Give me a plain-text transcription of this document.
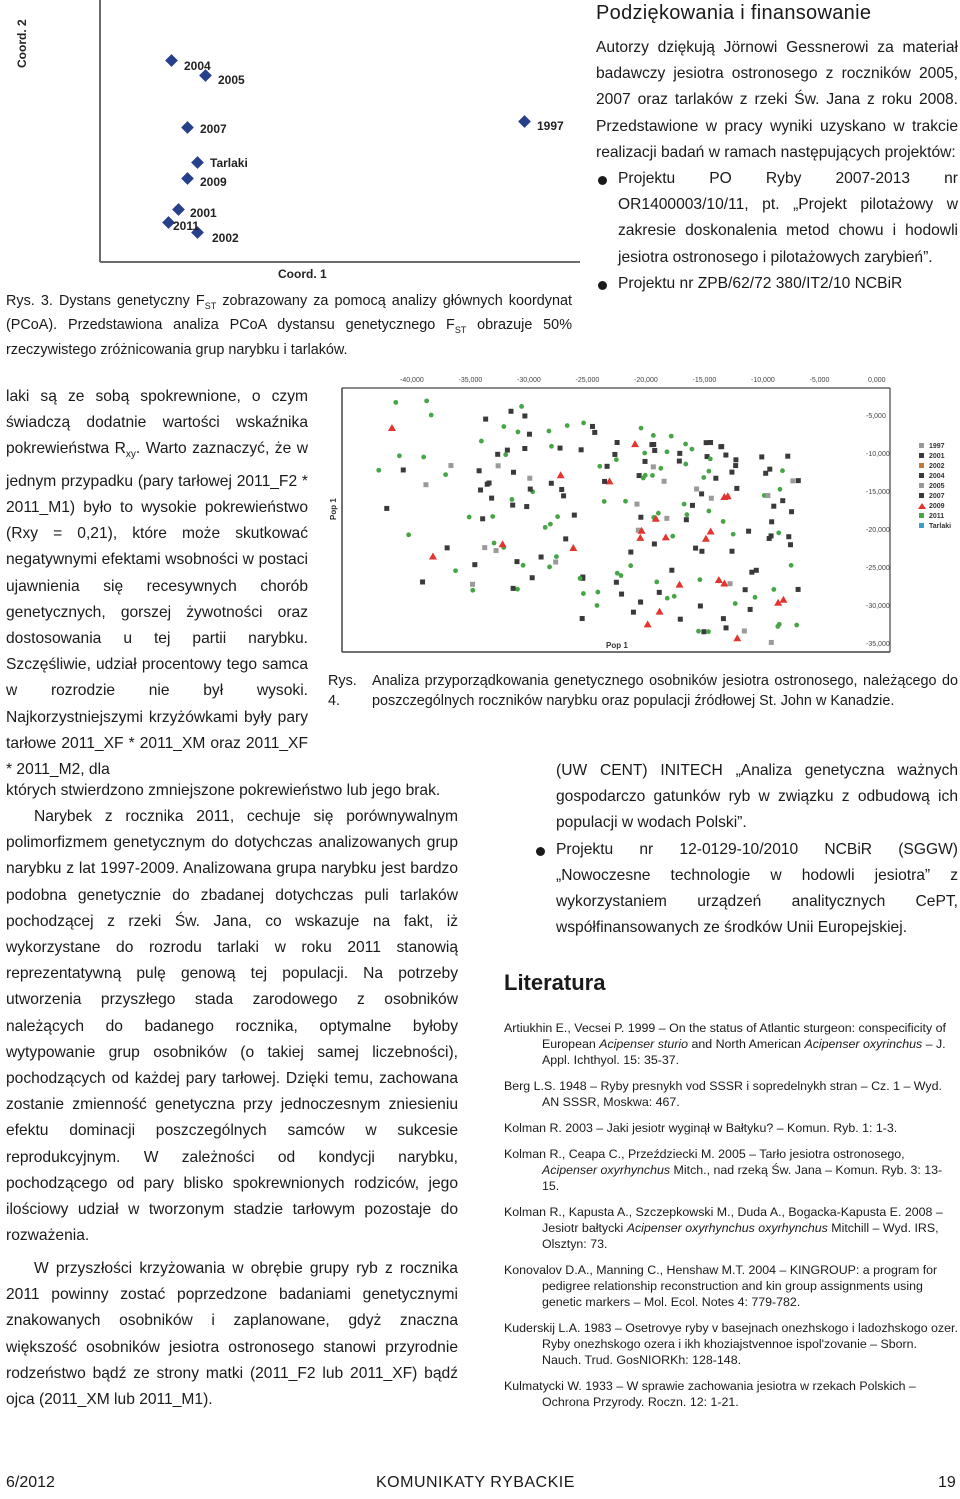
Coord. 2
Coord. 1
2004
2005
2007
Tarlaki
2009
2001
2011
2002
1997
Rys. 3. Dystans genetyczny $F_{ST}$ zobrazowany za pomocą analizy głównych koordynat (PCoA). Przedstawiona analiza PCoA dystansu genetycznego $F_{ST}$ obrazuje 50% rzeczywistego zróżnicowania grup narybku i tarlaków.
Podziękowania i finansowanie
Autorzy dziękują Jörnowi Gessnerowi za materiał badawczy jesiotra ostronosego z roczników 2005, 2007 oraz tarlaków z rzeki Św. Jana z roku 2008. Przedstawione w pracy wyniki uzyskano w trakcie realizacji badań w ramach następujących projektów:
Projektu PO Ryby 2007-2013 nr OR1400003/10/11, pt. „Projekt pilotażowy w zakresie doskonalenia metod chowu i hodowli jesiotra ostronosego i pilotażowych zarybień”.
Projektu nr ZPB/62/72 380/IT2/10 NCBiR
-40,000	-35,000	-30,000	-25,000	-20,000	-15,000	-10,000	-5,000	0,000
-5,000
-10,000
-15,000
-20,000
-25,000
-30,000
-35,000
Pop 1
Pop 1
1997
2001
2002
2004
2005
2007
2009
2011
Tarlaki
Rys. 4.
Analiza przyporządkowania genetycznego osobników jesiotra ostronosego, należącego do poszczególnych roczników narybku oraz populacji źródłowej St. John w Kanadzie.
laki są ze sobą spokrewnione, o czym świadczą dodatnie wartości wskaźnika pokrewieństwa $R_{xy}$. Warto zaznaczyć, że w jednym przypadku (pary tarłowej 2011_F2 * 2011_M1) było to wysokie pokrewieństwo (Rxy = 0,21), które może skutkować negatywnymi efektami wsobności w postaci ujawnienia się recesywnych chorób genetycznych, gorszej żywotności oraz dostosowania u tej partii narybku. Szczęśliwie, udział procentowy tego samca w rozrodzie nie był wysoki. Najkorzystniejszymi krzyżówkami były pary tarłowe 2011_XF * 2011_XM oraz 2011_XF * 2011_M2, dla
których stwierdzono zmniejszone pokrewieństwo lub jego brak.
Narybek z rocznika 2011, cechuje się porównywalnym polimorfizmem genetycznym do dotychczas analizowanych grup narybku z lat 1997-2009. Analizowana grupa narybku jest bardzo podobna genetycznie do zbadanej dotychczas puli tarlaków pochodzącej z rzeki Św. Jana, co wskazuje na fakt, iż wykorzystane do rozrodu tarlaki w roku 2011 stanowią reprezentatywną pulę genową tej populacji. Na potrzeby utworzenia przyszłego stada zarodowego z osobników należących do badanego rocznika, optymalne byłoby wytypowanie grup osobników (o takiej samej liczebności), pochodzących od każdej pary tarłowej. Dzięki temu, zachowana zostanie zmienność genetyczna przy jednoczesnym zniesieniu efektu dominacji poszczególnych samców w sukcesie reprodukcyjnym. W zależności od kondycji narybku, pochodzącego od pary blisko spokrewnionych rodziców, jego ilościowy udział w tworzonym stadzie tarłowym pozostaje do rozważenia.
W przyszłości krzyżowania w obrębie grupy ryb z rocznika 2011 powinny zostać poprzedzone badaniami genetycznymi znakowanych osobników i zaplanowane, gdyż znaczna większość osobników jesiotra ostronosego stanowi przyrodnie rodzeństwo bądź ze strony matki (2011_F2 lub 2011_XF) bądź ojca (2011_XM lub 2011_M1).
(UW CENT) INITECH „Analiza genetyczna ważnych gospodarczo gatunków ryb w związku z odbudową ich populacji w wodach Polski”.
Projektu nr 12-0129-10/2010 NCBiR (SGGW) „Nowoczesne technologie w hodowli jesiotra” z wykorzystaniem urządzeń analitycznych CePT, współfinansowanych ze środków Unii Europejskiej.
Literatura
Artiukhin E., Vecsei P. 1999 – On the status of Atlantic sturgeon: conspecificity of European Acipenser sturio and North American Acipenser oxyrinchus – J. Appl. Ichthyol. 15: 35-37.
Berg L.S. 1948 – Ryby presnykh vod SSSR i sopredelnykh stran – Cz. 1 – Wyd. AN SSSR, Moskwa: 467.
Kolman R. 2003 – Jaki jesiotr wyginął w Bałtyku? – Komun. Ryb. 1: 1-3.
Kolman R., Ceapa C., Przeździecki M. 2005 – Tarło jesiotra ostronosego, Acipenser oxyrhynchus Mitch., nad rzeką Św. Jana – Komun. Ryb. 3: 13-15.
Kolman R., Kapusta A., Szczepkowski M., Duda A., Bogacka-Kapusta E. 2008 – Jesiotr bałtycki Acipenser oxyrhynchus oxyrhynchus Mitchill – Wyd. IRS, Olsztyn: 73.
Konovalov D.A., Manning C., Henshaw M.T. 2004 – KINGROUP: a program for pedigree relationship reconstruction and kin group assignments using genetic markers – Mol. Ecol. Notes 4: 779-782.
Kuderskij L.A. 1983 – Osetrovye ryby v basejnach onezhskogo i ladozhskogo ozer. Ryby onezhskogo ozera i ikh khoziajstvennoe ispol'zovanie – Sborn. Nauch. Trud. GosNIORKh: 128-148.
Kulmatycki W. 1933 – W sprawie zachowania jesiotra w rzekach Polskich – Ochrona Przyrody. Roczn. 12: 1-21.
6/2012	KOMUNIKATY RYBACKIE	19
